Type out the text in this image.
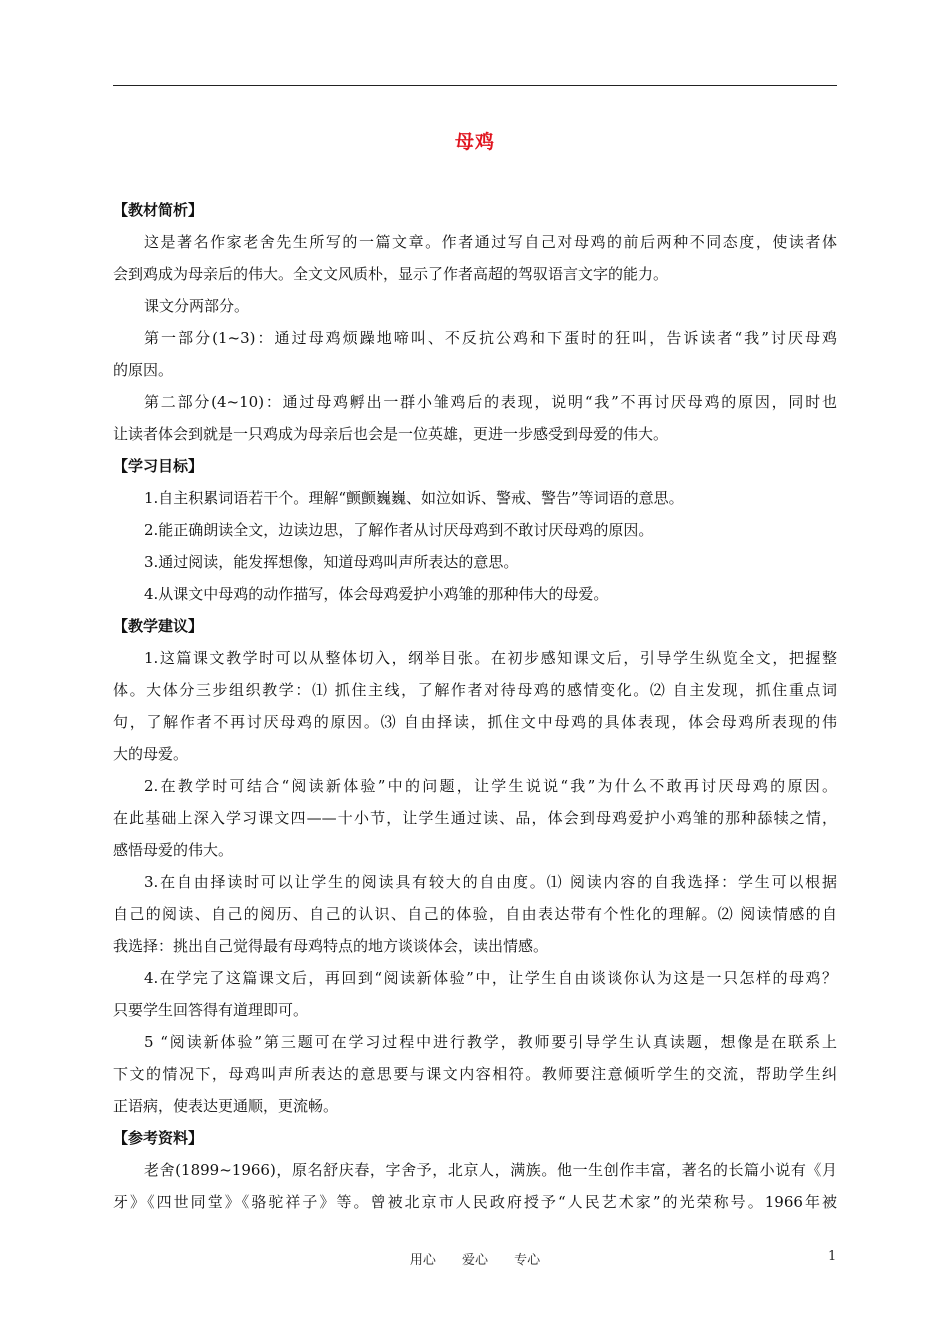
母鸡
【教材简析】
这是著名作家老舍先生所写的一篇文章。作者通过写自己对母鸡的前后两种不同态度，使读者体
会到鸡成为母亲后的伟大。全文文风质朴，显示了作者高超的驾驭语言文字的能力。
课文分两部分。
第一部分(1~3)：通过母鸡烦躁地啼叫、不反抗公鸡和下蛋时的狂叫，告诉读者“我”讨厌母鸡
的原因。
第二部分(4~10)：通过母鸡孵出一群小雏鸡后的表现，说明“我”不再讨厌母鸡的原因，同时也
让读者体会到就是一只鸡成为母亲后也会是一位英雄，更进一步感受到母爱的伟大。
【学习目标】
1.自主积累词语若干个。理解“颤颤巍巍、如泣如诉、警戒、警告”等词语的意思。
2.能正确朗读全文，边读边思，了解作者从讨厌母鸡到不敢讨厌母鸡的原因。
3.通过阅读，能发挥想像，知道母鸡叫声所表达的意思。
4.从课文中母鸡的动作描写，体会母鸡爱护小鸡雏的那种伟大的母爱。
【教学建议】
1.这篇课文教学时可以从整体切入，纲举目张。在初步感知课文后，引导学生纵览全文，把握整
体。大体分三步组织教学：⑴ 抓住主线，了解作者对待母鸡的感情变化。⑵ 自主发现，抓住重点词
句，了解作者不再讨厌母鸡的原因。⑶ 自由择读，抓住文中母鸡的具体表现，体会母鸡所表现的伟
大的母爱。
2.在教学时可结合“阅读新体验”中的问题，让学生说说“我”为什么不敢再讨厌母鸡的原因。
在此基础上深入学习课文四——十小节，让学生通过读、品，体会到母鸡爱护小鸡雏的那种舔犊之情，
感悟母爱的伟大。
3.在自由择读时可以让学生的阅读具有较大的自由度。⑴ 阅读内容的自我选择：学生可以根据
自己的阅读、自己的阅历、自己的认识、自己的体验，自由表达带有个性化的理解。⑵ 阅读情感的自
我选择：挑出自己觉得最有母鸡特点的地方谈谈体会，读出情感。
4.在学完了这篇课文后，再回到“阅读新体验”中，让学生自由谈谈你认为这是一只怎样的母鸡？
只要学生回答得有道理即可。
5 “阅读新体验”第三题可在学习过程中进行教学，教师要引导学生认真读题，想像是在联系上
下文的情况下，母鸡叫声所表达的意思要与课文内容相符。教师要注意倾听学生的交流，帮助学生纠
正语病，使表达更通顺，更流畅。
【参考资料】
老舍(1899~1966)，原名舒庆春，字舍予，北京人，满族。他一生创作丰富，著名的长篇小说有《月
牙》《四世同堂》《骆驼祥子》等。曾被北京市人民政府授予“人民艺术家”的光荣称号。1966年被
用心 爱心 专心	1
